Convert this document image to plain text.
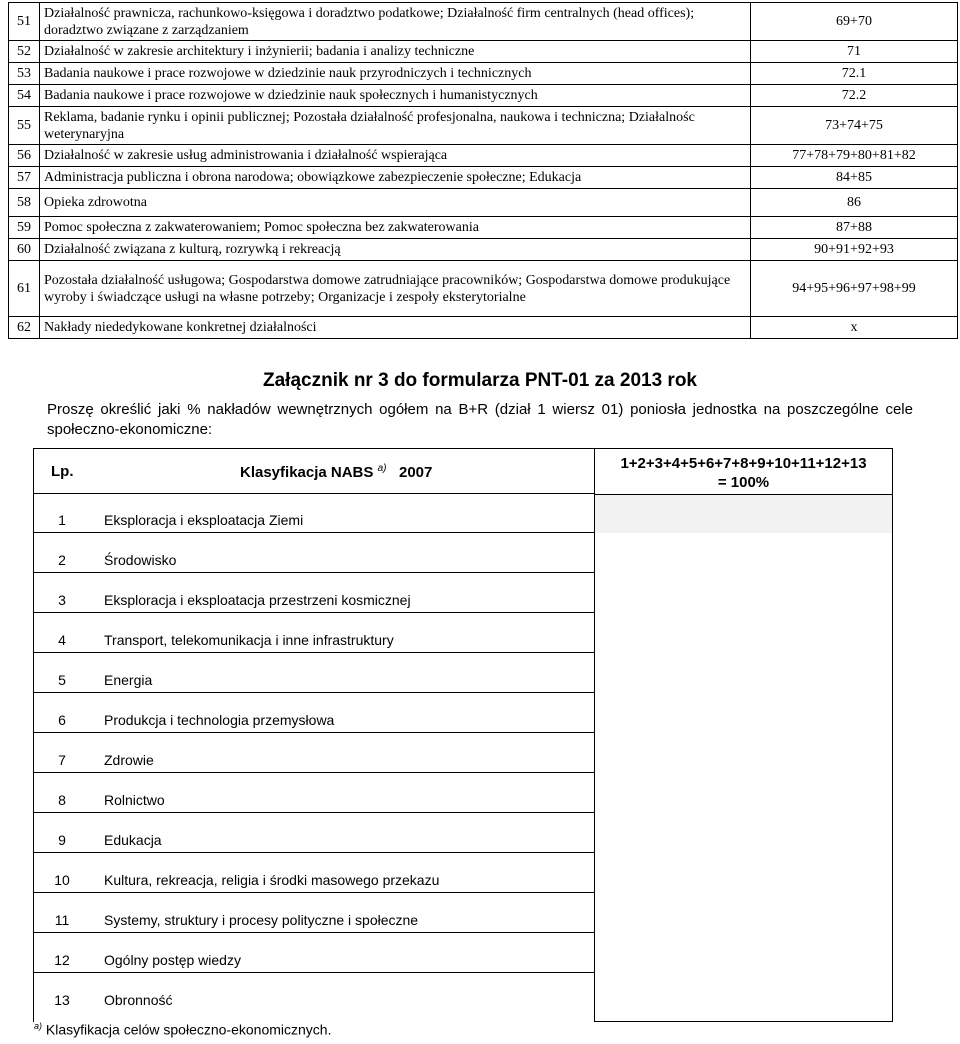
51	Działalność prawnicza, rachunkowo-księgowa i doradztwo podatkowe; Działalność firm centralnych (head offices); doradztwo związane z zarządzaniem	69+70
52	Działalność w zakresie architektury i inżynierii; badania i analizy techniczne	71
53	Badania naukowe i prace rozwojowe w dziedzinie nauk przyrodniczych i technicznych	72.1
54	Badania naukowe i prace rozwojowe w dziedzinie nauk społecznych i humanistycznych	72.2
55	Reklama, badanie rynku i opinii publicznej; Pozostała działalność profesjonalna, naukowa i techniczna; Działalnośc weterynaryjna	73+74+75
56	Działalność w zakresie usług administrowania i działalność wspierająca	77+78+79+80+81+82
57	Administracja publiczna i obrona narodowa; obowiązkowe zabezpieczenie społeczne; Edukacja	84+85
58	Opieka zdrowotna	86
59	Pomoc społeczna z zakwaterowaniem; Pomoc społeczna bez zakwaterowania	87+88
60	Działalność związana z kulturą, rozrywką i rekreacją	90+91+92+93
61	Pozostała działalność usługowa; Gospodarstwa domowe zatrudniające pracowników; Gospodarstwa domowe produkujące wyroby i świadczące usługi na własne potrzeby; Organizacje i zespoły eksterytorialne	94+95+96+97+98+99
62	Nakłady niededykowane konkretnej działalności	x
Załącznik nr 3 do formularza PNT-01 za 2013 rok
Proszę określić jaki % nakładów wewnętrznych ogółem na B+R (dział 1 wiersz 01) poniosła jednostka na poszczególne cele społeczno-ekonomiczne:
Lp.	Klasyfikacja NABS $^{a)}$ 2007
1	Eksploracja i eksploatacja Ziemi
2	Środowisko
3	Eksploracja i eksploatacja przestrzeni kosmicznej
4	Transport, telekomunikacja i inne infrastruktury
5	Energia
6	Produkcja i technologia przemysłowa
7	Zdrowie
8	Rolnictwo
9	Edukacja
10	Kultura, rekreacja, religia i środki masowego przekazu
11	Systemy, struktury i procesy polityczne i społeczne
12	Ogólny postęp wiedzy
13	Obronność
1+2+3+4+5+6+7+8+9+10+11+12+13
= 100%
$^{a)}$ Klasyfikacja celów społeczno-ekonomicznych.
